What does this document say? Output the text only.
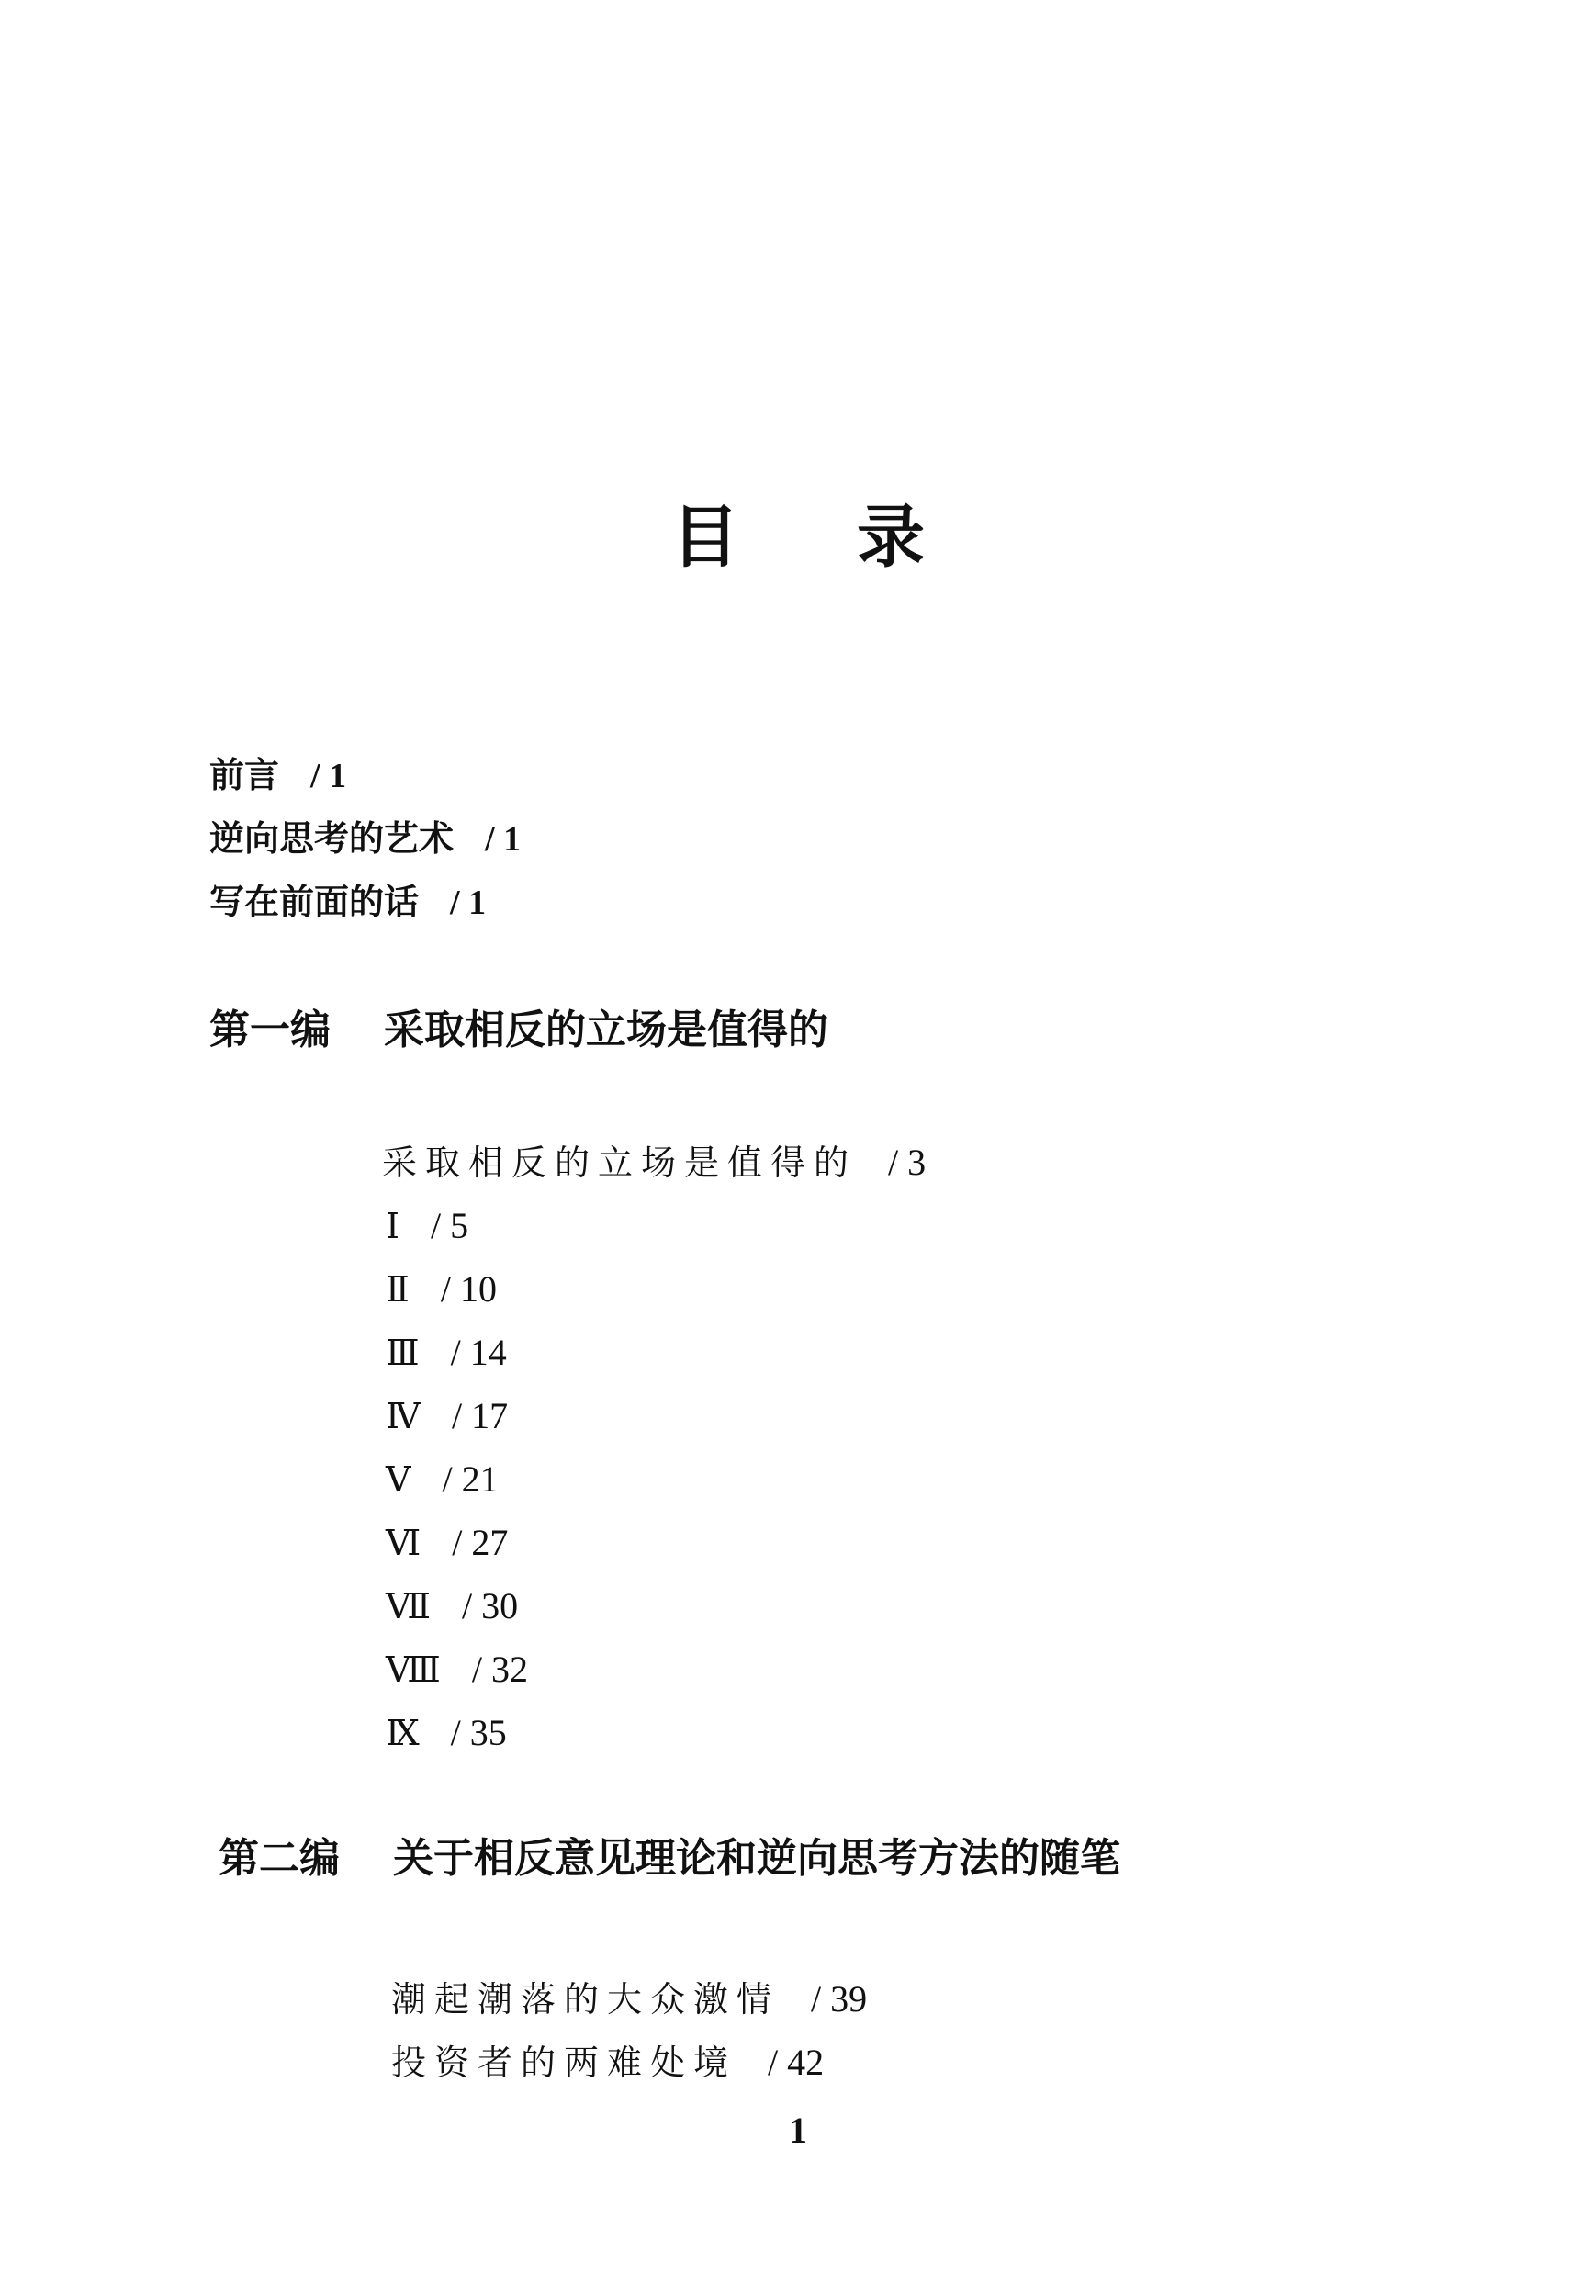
目 录
前言 / 1
逆向思考的艺术 / 1
写在前面的话 / 1
第一编 采取相反的立场是值得的
采取相反的立场是值得的 / 3
Ⅰ / 5
Ⅱ / 10
Ⅲ / 14
Ⅳ / 17
Ⅴ / 21
Ⅵ / 27
Ⅶ / 30
Ⅷ / 32
Ⅸ / 35
第二编 关于相反意见理论和逆向思考方法的随笔
潮起潮落的大众激情 / 39
投资者的两难处境 / 42
1
